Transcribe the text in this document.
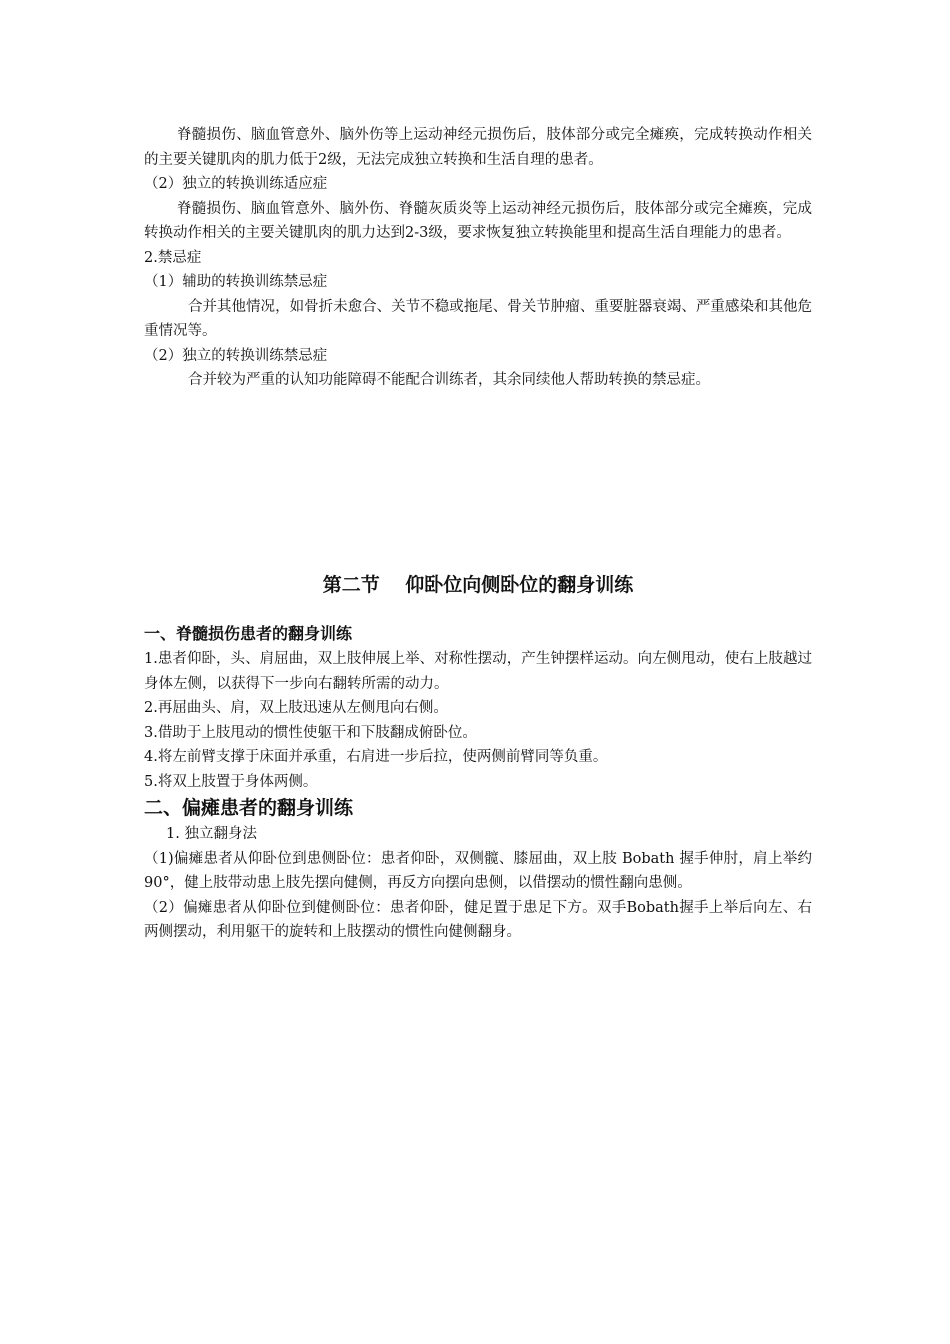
脊髓损伤、脑血管意外、脑外伤等上运动神经元损伤后，肢体部分或完全瘫痪，完成转换动作相关的主要关键肌肉的肌力低于2级，无法完成独立转换和生活自理的患者。

（2）独立的转换训练适应症

脊髓损伤、脑血管意外、脑外伤、脊髓灰质炎等上运动神经元损伤后，肢体部分或完全瘫痪，完成转换动作相关的主要关键肌肉的肌力达到2-3级，要求恢复独立转换能里和提高生活自理能力的患者。

2.禁忌症

（1）辅助的转换训练禁忌症

合并其他情况，如骨折未愈合、关节不稳或拖尾、骨关节肿瘤、重要脏器衰竭、严重感染和其他危重情况等。

（2）独立的转换训练禁忌症

合并较为严重的认知功能障碍不能配合训练者，其余同续他人帮助转换的禁忌症。

第二节　 仰卧位向侧卧位的翻身训练

一、脊髓损伤患者的翻身训练

1.患者仰卧，头、肩屈曲，双上肢伸展上举、对称性摆动，产生钟摆样运动。向左侧甩动，使右上肢越过身体左侧，以获得下一步向右翻转所需的动力。

2.再屈曲头、肩，双上肢迅速从左侧甩向右侧。

3.借助于上肢甩动的惯性使躯干和下肢翻成俯卧位。

4.将左前臂支撑于床面并承重，右肩进一步后拉，使两侧前臂同等负重。

5.将双上肢置于身体两侧。

二、偏瘫患者的翻身训练

1. 独立翻身法

（1)偏瘫患者从仰卧位到患侧卧位：患者仰卧，双侧髋、膝屈曲，双上肢 Bobath 握手伸肘，肩上举约90°，健上肢带动患上肢先摆向健侧，再反方向摆向患侧，以借摆动的惯性翻向患侧。

（2）偏瘫患者从仰卧位到健侧卧位：患者仰卧，健足置于患足下方。双手Bobath握手上举后向左、右两侧摆动，利用躯干的旋转和上肢摆动的惯性向健侧翻身。
